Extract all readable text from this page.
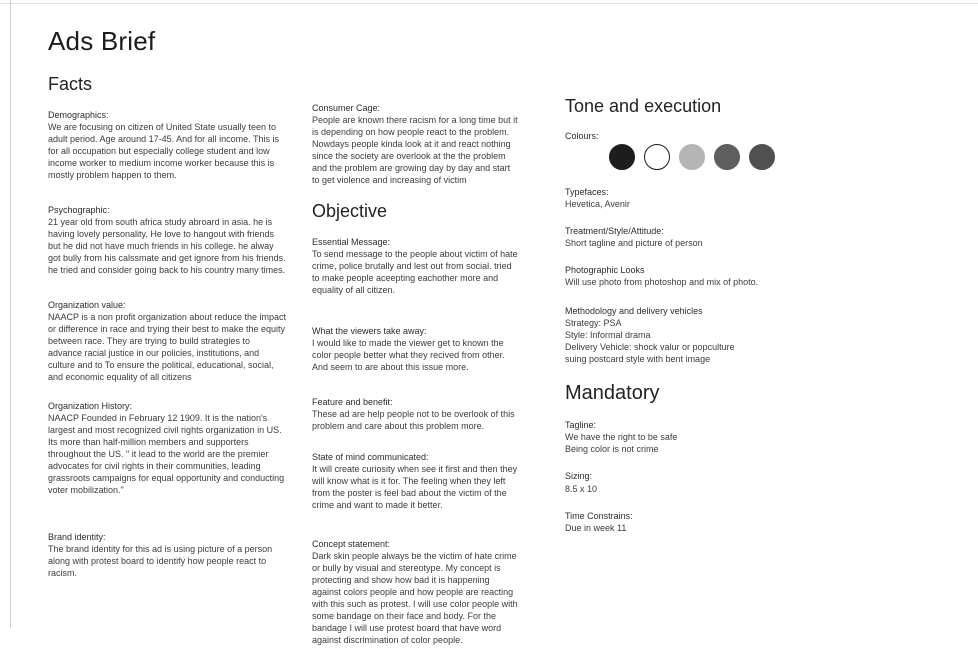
Ads Brief
Facts
Demographics:
We are focusing on citizen of United State usually teen to adult period. Age around 17-45. And for all income. This is for all occupation but especially college student and low income worker to medium income worker because this is mostly problem happen to them.
Psychographic:
21 year old from south africa study abroard in asia. he is having lovely personality. He love to hangout with friends but he did not have much friends in his college. he alway got bully from his calssmate and get ignore from his friends. he tried and consider going back to his country many times.
Organization value:
NAACP is a non profit organization about reduce the impact or difference in race and trying their best to make the equity between race. They are trying to build strategies to advance racial justice in our policies, institutions, and culture and to To ensure the political, educational, social, and economic equality of all citizens
Organization History:
NAACP Founded in February 12 1909. It is the nation's largest and most recognized civil rights organization in US. Its more than half-million members and supporters throughout the US. " it lead to the world are the premier advocates for civil rights in their communities, leading grassroots campaigns for equal opportunity and conducting voter mobilization."
Brand identity:
The brand identity for this ad is using picture of a person along with protest board to identify how people react to racism.
Consumer Cage:
People are known there racism for a long time but it is depending on how people react to the problem. Nowdays people kinda look at it and react nothing since the society are overlook at the the problem and the problem are growing day by day and start to get violence and increasing of victim
Objective
Essential Message:
To send message to the people about victim of hate crime, police brutally and lest out from social. tried to make people aceepting eachother more and equality of all citizen.
What the viewers take away:
I would like to made the viewer get to known the color people better what they recived from other. And seem to are about this issue more.
Feature and benefit:
These ad are help people not to be overlook of this problem and care about this problem more.
State of mind communicated:
It will create curiosity when see it first and then they will know what is it for. The feeling when they left from the poster is feel bad about the victim of the crime and want to made it better.
Concept statement:
Dark skin people always be the victim of hate crime or bully by visual and stereotype. My concept is protecting and show how bad it is happening against colors people and how people are reacting with this such as protest. I will use color people with some bandage on their face and body. For the bandage I will use protest board that have word against discrimination of color people.
Tone and execution
Colours:
Typefaces:
Hevetica, Avenir
Treatment/Style/Attitude:
Short tagline and picture of person
Photographic Looks
Will use photo from photoshop and mix of photo.
Methodology and delivery vehicles
Strategy: PSA
Style: Informal drama
Delivery Vehicle: shock valur or popculture
suing postcard style with bent image
Mandatory
Tagline:
We have the right to be safe
Being color is not crime
Sizing:
8.5 x 10
Time Constrains:
Due in week 11
